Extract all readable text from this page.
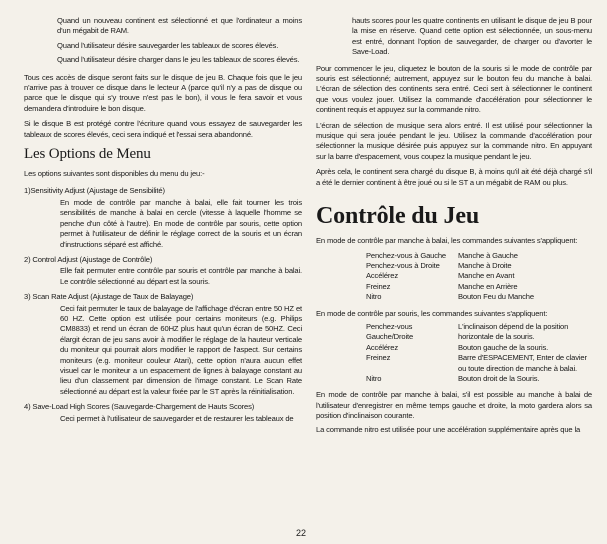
Quand un nouveau continent est sélectionné et que l'ordinateur a moins d'un mégabit de RAM.

Quand l'utilisateur désire sauvegarder les tableaux de scores élevés.

Quand l'utilisateur désire charger dans le jeu les tableaux de scores élevés.

Tous ces accès de disque seront faits sur le disque de jeu B. Chaque fois que le jeu n'arrive pas à trouver ce disque dans le lecteur A (parce qu'il n'y a pas de disque ou parce que le disque qui s'y trouve n'est pas le bon), il vous le fera savoir et vous demandera d'introduire le bon disque.

Si le disque B est protégé contre l'écriture quand vous essayez de sauvegarder les tableaux de scores élevés, ceci sera indiqué et l'essai sera abandonné.

Les Options de Menu

Les options suivantes sont disponibles du menu du jeu:-

1)Sensitivity Adjust (Ajustage de Sensibilité)

En mode de contrôle par manche à balai, elle fait tourner les trois sensibilités de manche à balai en cercle (vitesse à laquelle l'homme se penche d'un côté à l'autre). En mode de contrôle par souris, cette option permet à l'utilisateur de définir le réglage correct de la souris et un écran d'instructions séparé est affiché.

2) Control Adjust (Ajustage de Contrôle)

Elle fait permuter entre contrôle par souris et contrôle par manche à balai. Le contrôle sélectionné au départ est la souris.

3) Scan Rate Adjust (Ajustage de Taux de Balayage)

Ceci fait permuter le taux de balayage de l'affichage d'écran entre 50 HZ et 60 HZ. Cette option est utilisée pour certains moniteurs (e.g. Philips CM8833) et rend un écran de 60HZ plus haut qu'un écran de 50HZ. Ceci élargit écran de jeu sans avoir à modifier le réglage de la hauteur verticale du moniteur qui pourrait alors modifier le rapport de l'aspect. Sur certains moniteurs (e.g. moniteur couleur Atari), cette option n'aura aucun effet visuel car le moniteur a un espacement de lignes à balayage constant au lieu d'un classement par dimension de l'image constant. Le Scan Rate sélectionné au départ est la valeur fixée par le ST après la réinitialisation.

4) Save-Load High Scores (Sauvegarde-Chargement de Hauts Scores)

Ceci permet à l'utilisateur de sauvegarder et de restaurer les tableaux de

hauts scores pour les quatre continents en utilisant le disque de jeu B pour la mise en réserve. Quand cette option est sélectionnée, un sous-menu est entré, donnant l'option de sauvegarder, de charger ou d'avorter le Save-Load.

Pour commencer le jeu, cliquetez le bouton de la souris si le mode de contrôle par souris est sélectionné; autrement, appuyez sur le bouton feu du manche à balai. L'écran de sélection des continents sera entré. Ceci sert à sélectionner le continent que vous voulez jouer. Utilisez la commande d'accélération pour sélectionner le continent requis et appuyez sur la commande nitro.

L'écran de sélection de musique sera alors entré. Il est utilisé pour sélectionner la musique qui sera jouée pendant le jeu. Utilisez la commande d'accélération pour sélectionner la musique désirée puis appuyez sur la commande nitro. En appuyant sur la barre d'espacement, vous coupez la musique pendant le jeu.

Après cela, le continent sera chargé du disque B, à moins qu'il ait été déjà chargé s'il a été le dernier continent à être joué ou si le ST a un mégabit de RAM ou plus.

Contrôle du Jeu

En mode de contrôle par manche à balai, les commandes suivantes s'appliquent:

Penchez-vous à Gauche	Manche à Gauche
Penchez-vous à Droite	Manche à Droite
Accélérez	Manche en Avant
Freinez	Manche en Arrière
Nitro	Bouton Feu du Manche

En mode de contrôle par souris, les commandes suivantes s'appliquent:

Penchez-vous Gauche/Droite	L'inclinaison dépend de la position horizontale de la souris.
Accélérez	Bouton gauche de la souris.
Freinez	Barre d'ESPACEMENT, Enter de clavier ou toute direction de manche à balai.
Nitro	Bouton droit de la Souris.

En mode de contrôle par manche à balai, s'il est possible au manche à balai de l'utilisateur d'enregistrer en même temps gauche et droite, la moto gardera alors sa position d'inclinaison courante.

La commande nitro est utilisée pour une accélération supplémentaire après que la

22
